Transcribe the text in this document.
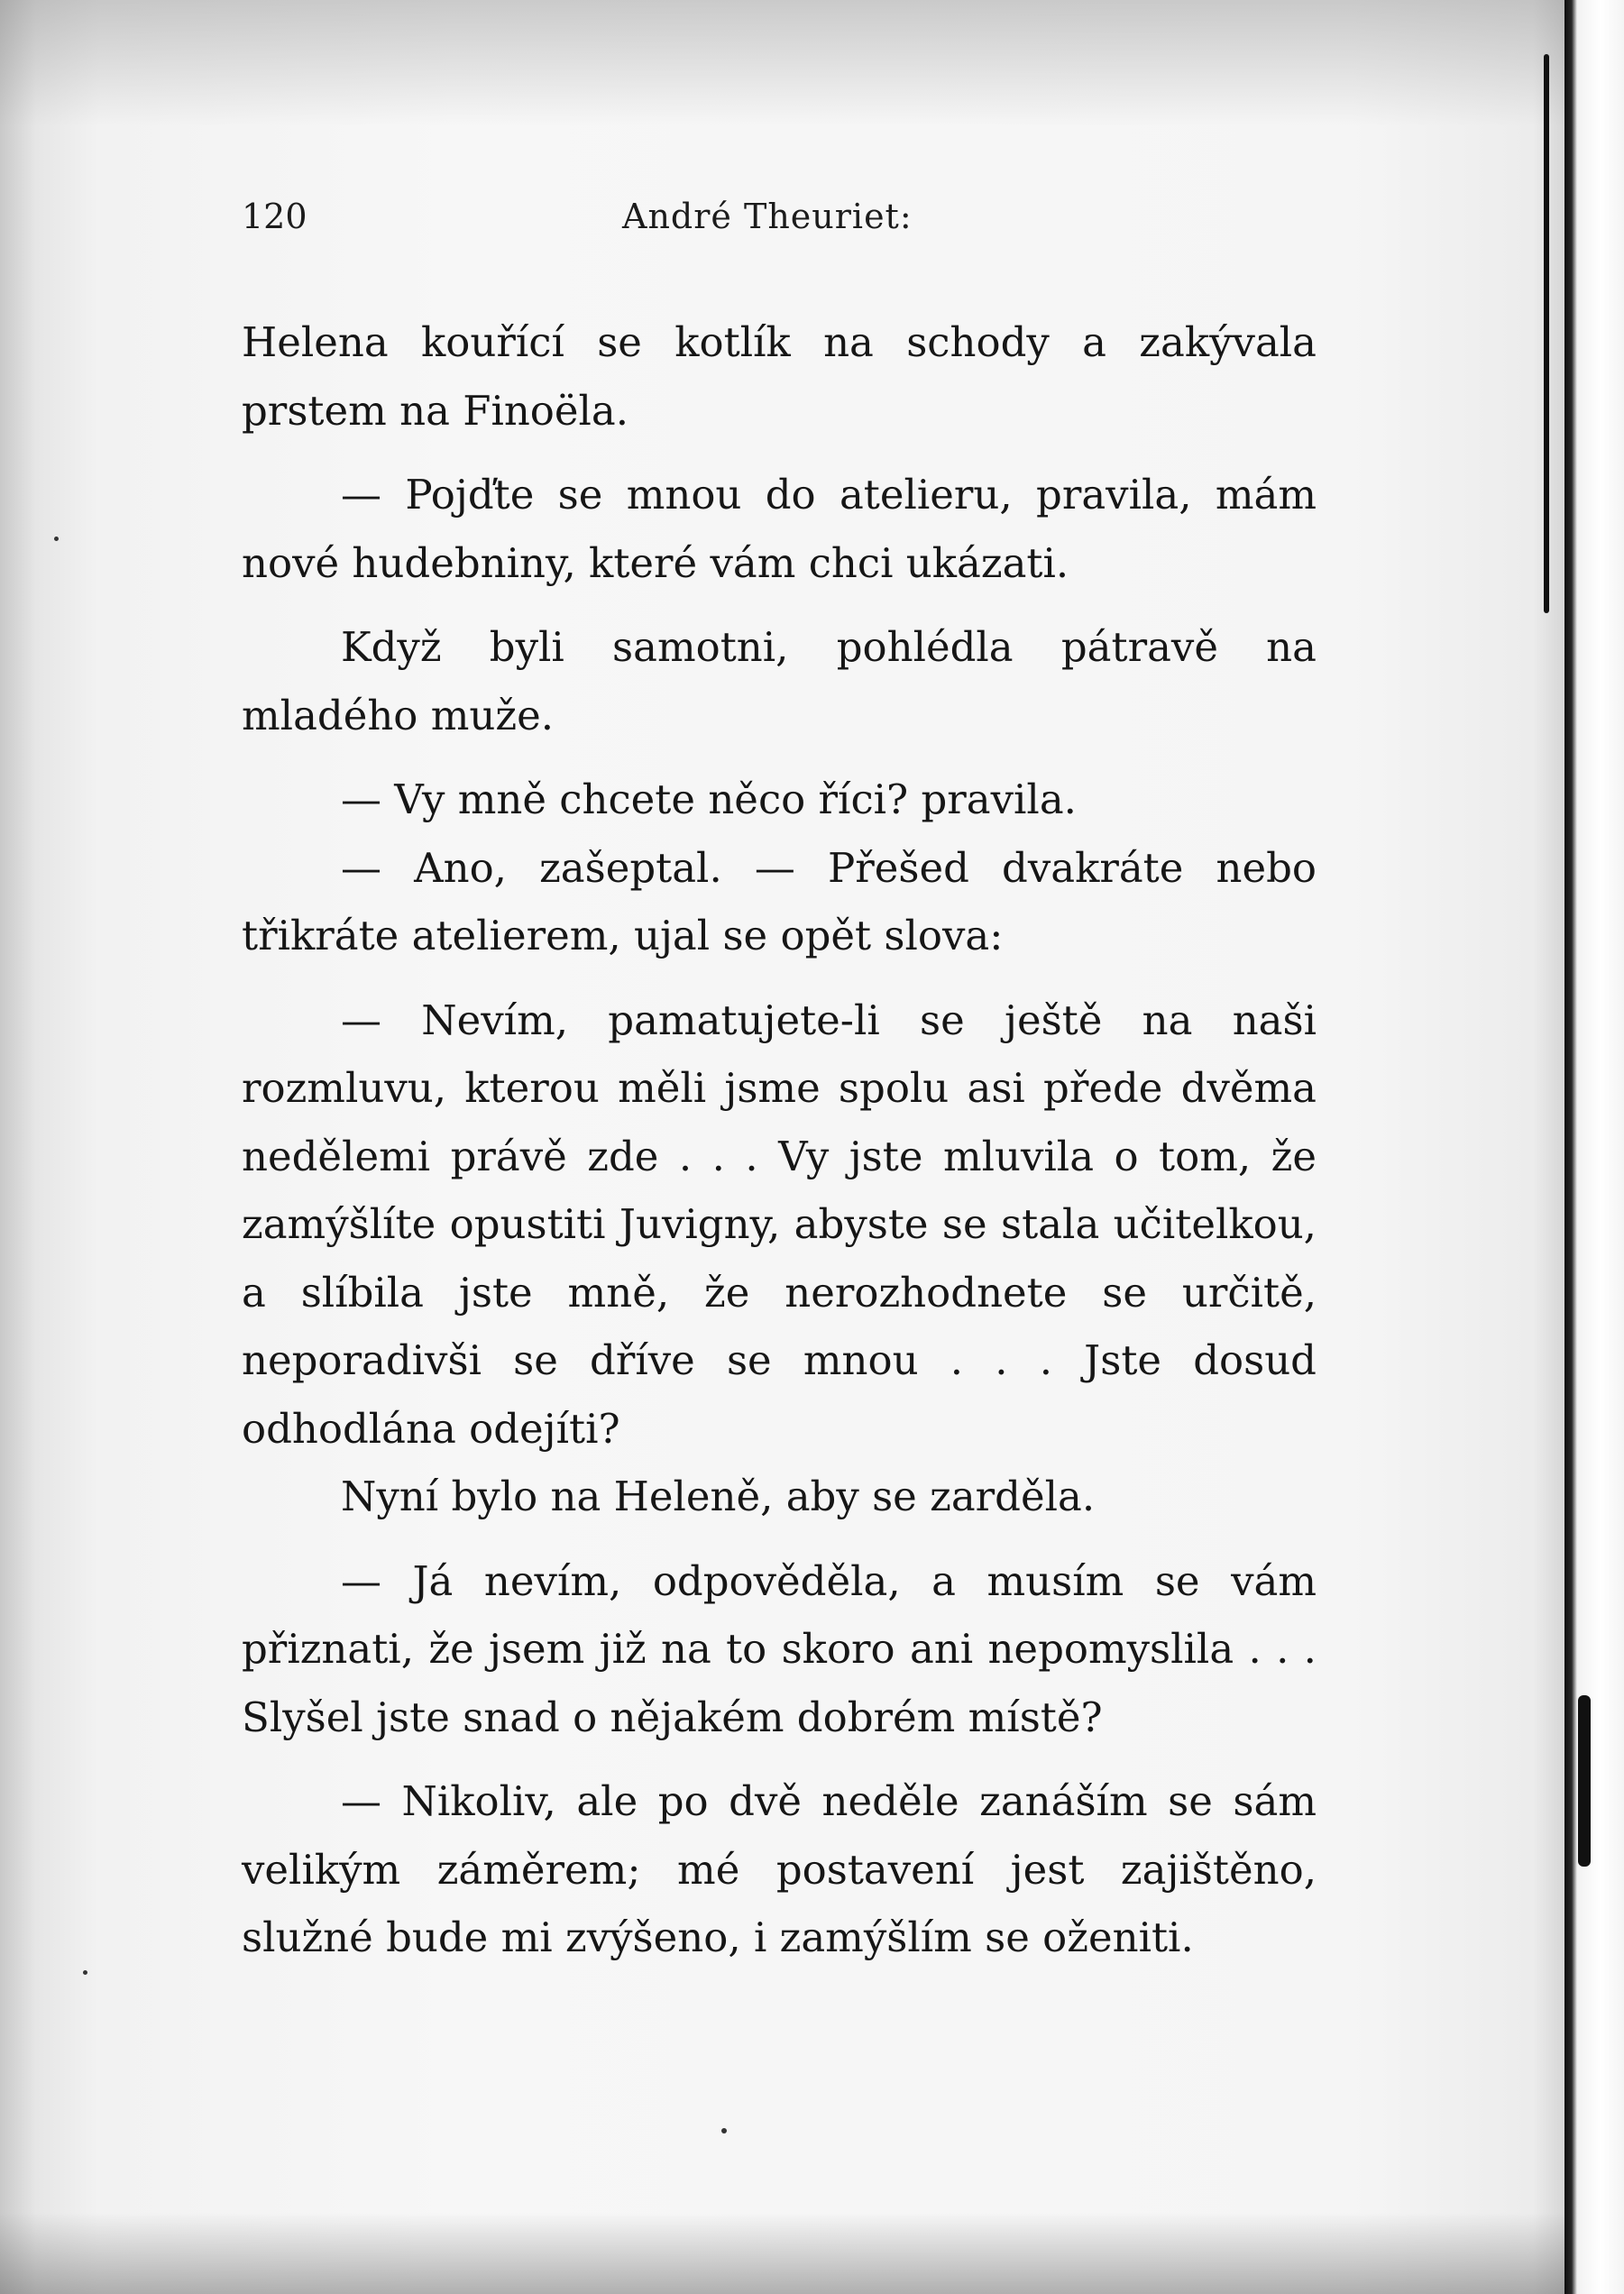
120	André Theuriet:

Helena kouřící se kotlík na schody a zakývala prstem na Finoëla.

— Pojďte se mnou do atelieru, pravila, mám nové hudebniny, které vám chci ukázati.

Když byli samotni, pohlédla pátravě na mladého muže.

— Vy mně chcete něco říci? pravila.

— Ano, zašeptal. — Přešed dvakráte nebo třikráte atelierem, ujal se opět slova:

— Nevím, pamatujete-li se ještě na naši rozmluvu, kterou měli jsme spolu asi přede dvěma nedělemi právě zde . . . Vy jste mluvila o tom, že zamýšlíte opustiti Juvigny, abyste se stala učitelkou, a slíbila jste mně, že nerozhodnete se určitě, neporadivši se dříve se mnou . . . Jste dosud odhodlána odejíti?

Nyní bylo na Heleně, aby se zarděla.

— Já nevím, odpověděla, a musím se vám přiznati, že jsem již na to skoro ani nepomyslila . . . Slyšel jste snad o nějakém dobrém místě?

— Nikoliv, ale po dvě neděle zanáším se sám velikým záměrem; mé postavení jest zajištěno, služné bude mi zvýšeno, i zamýšlím se oženiti.
